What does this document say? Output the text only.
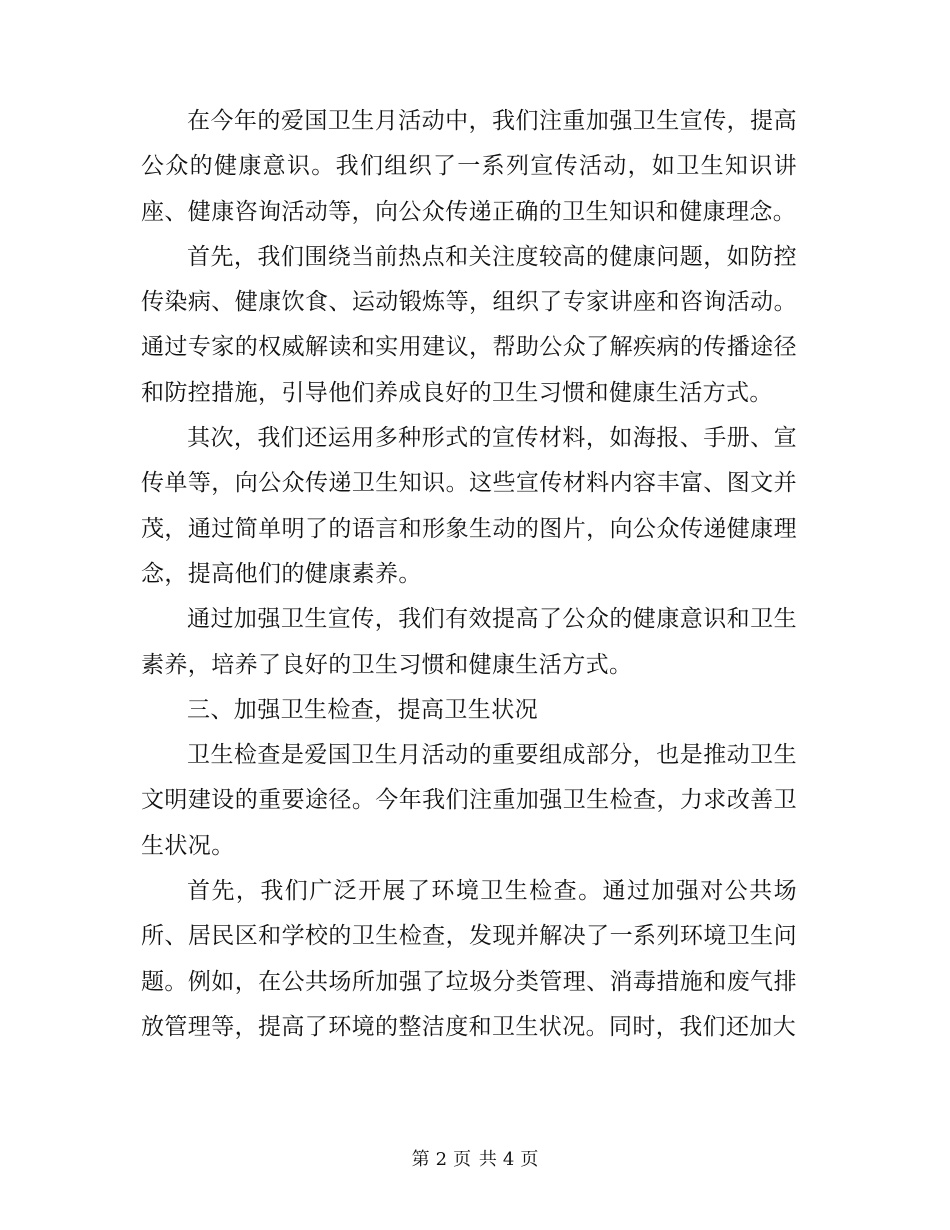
在今年的爱国卫生月活动中，我们注重加强卫生宣传，提高公众的健康意识。我们组织了一系列宣传活动，如卫生知识讲座、健康咨询活动等，向公众传递正确的卫生知识和健康理念。

首先，我们围绕当前热点和关注度较高的健康问题，如防控传染病、健康饮食、运动锻炼等，组织了专家讲座和咨询活动。通过专家的权威解读和实用建议，帮助公众了解疾病的传播途径和防控措施，引导他们养成良好的卫生习惯和健康生活方式。

其次，我们还运用多种形式的宣传材料，如海报、手册、宣传单等，向公众传递卫生知识。这些宣传材料内容丰富、图文并茂，通过简单明了的语言和形象生动的图片，向公众传递健康理念，提高他们的健康素养。

通过加强卫生宣传，我们有效提高了公众的健康意识和卫生素养，培养了良好的卫生习惯和健康生活方式。

三、加强卫生检查，提高卫生状况

卫生检查是爱国卫生月活动的重要组成部分，也是推动卫生文明建设的重要途径。今年我们注重加强卫生检查，力求改善卫生状况。

首先，我们广泛开展了环境卫生检查。通过加强对公共场所、居民区和学校的卫生检查，发现并解决了一系列环境卫生问题。例如，在公共场所加强了垃圾分类管理、消毒措施和废气排放管理等，提高了环境的整洁度和卫生状况。同时，我们还加大

第 2 页 共 4 页
